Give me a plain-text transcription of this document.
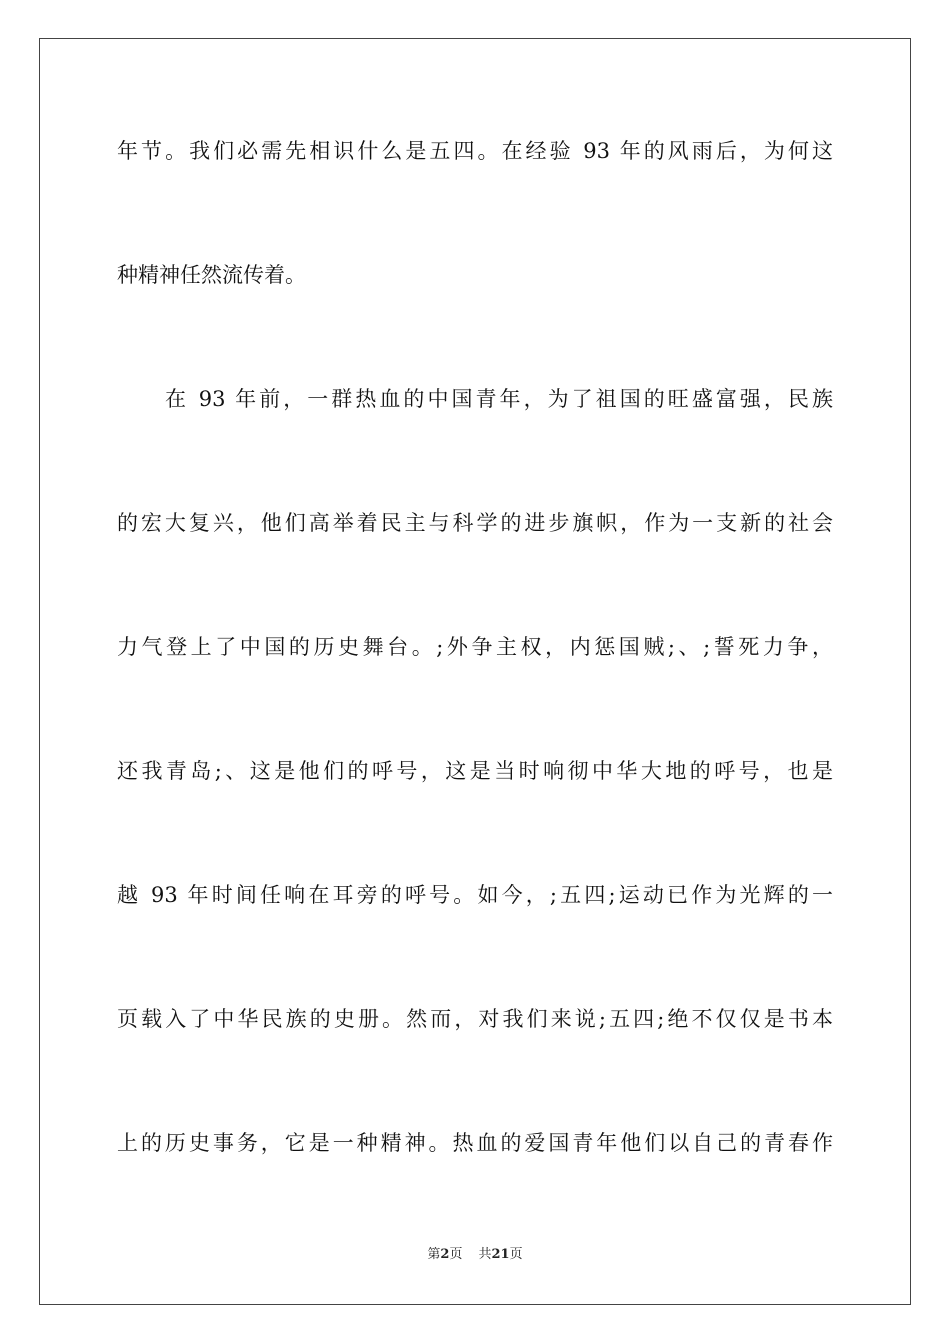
年节。我们必需先相识什么是五四。在经验 93 年的风雨后，为何这
种精神任然流传着。
在 93 年前，一群热血的中国青年，为了祖国的旺盛富强，民族
的宏大复兴，他们高举着民主与科学的进步旗帜，作为一支新的社会
力气登上了中国的历史舞台。;外争主权，内惩国贼;、;誓死力争，
还我青岛;、这是他们的呼号，这是当时响彻中华大地的呼号，也是
越 93 年时间任响在耳旁的呼号。如今，;五四;运动已作为光辉的一
页载入了中华民族的史册。然而，对我们来说;五四;绝不仅仅是书本
上的历史事务，它是一种精神。热血的爱国青年他们以自己的青春作
第2页 共21页
